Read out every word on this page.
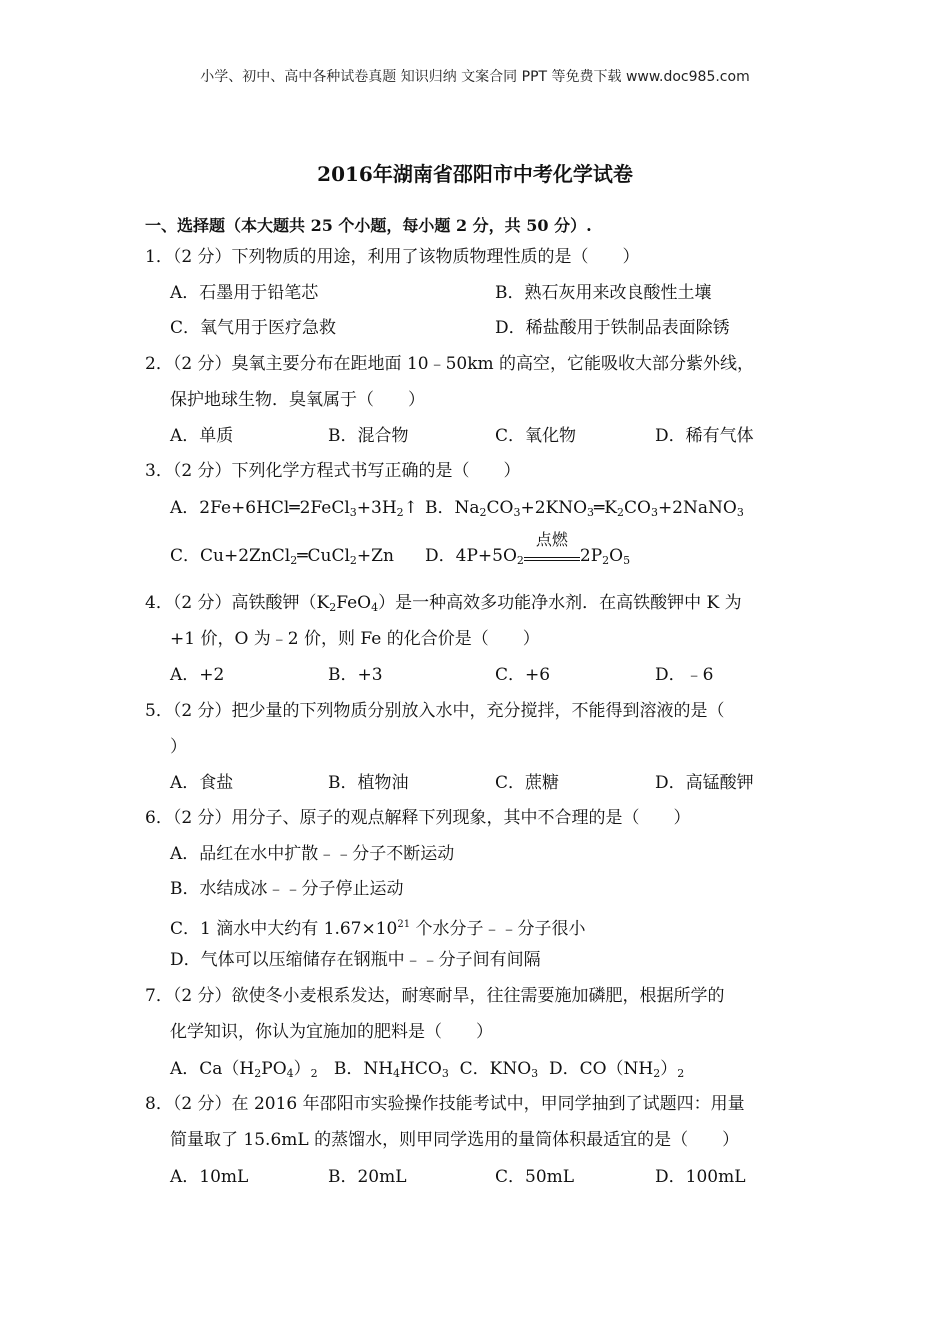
小学、初中、高中各种试卷真题 知识归纳 文案合同 PPT 等免费下载 www.doc985.com
2016年湖南省邵阳市中考化学试卷
一、选择题（本大题共 25 个小题，每小题 2 分，共 50 分）.
1．（2 分）下列物质的用途，利用了该物质物理性质的是（　　）
A．石墨用于铅笔芯	B．熟石灰用来改良酸性土壤
C．氧气用于医疗急救	D．稀盐酸用于铁制品表面除锈
2．（2 分）臭氧主要分布在距地面 10﹣50km 的高空，它能吸收大部分紫外线，
保护地球生物．臭氧属于（　　）
A．单质	B．混合物	C．氧化物	D．稀有气体
3．（2 分）下列化学方程式书写正确的是（　　）
A．$2Fe+6HCl═2FeCl_3+3H_2↑$ B．$Na_2CO_3+2KNO_3═K_2CO_3+2NaNO_3$
C．Cu+2ZnCl$_2$═CuCl$_2$+Zn D．$4P+5O_2$
点燃
$2P_2O_5$
4．（2 分）高铁酸钾$(K_2FeO_4)$是一种高效多功能净水剂．在高铁酸钾中 K 为
+1 价，O 为﹣2 价，则 Fe 的化合价是（　　）
A．+2	B．+3	C．+6	D．﹣6
5．（2 分）把少量的下列物质分别放入水中，充分搅拌，不能得到溶液的是（
）
A．食盐	B．植物油	C．蔗糖	D．高锰酸钾
6．（2 分）用分子、原子的观点解释下列现象，其中不合理的是（　　）
A．品红在水中扩散﹣﹣分子不断运动
B．水结成冰﹣﹣分子停止运动
C．1 滴水中大约有 $1.67\times 10^{21}$ 个水分子﹣﹣分子很小
D．气体可以压缩储存在钢瓶中﹣﹣分子间有间隔
7．（2 分）欲使冬小麦根系发达，耐寒耐旱，往往需要施加磷肥，根据所学的
化学知识，你认为宜施加的肥料是（　　）
A．$Ca(H_2PO_4)_2$   B．$NH_4HCO_3$  C．$KNO_3$  D．$CO(NH_2)_2$
8．（2 分）在 2016 年邵阳市实验操作技能考试中，甲同学抽到了试题四：用量
简量取了 15.6mL 的蒸馏水，则甲同学选用的量筒体积最适宜的是（　　）
A．10mL	B．20mL	C．50mL	D．100mL
